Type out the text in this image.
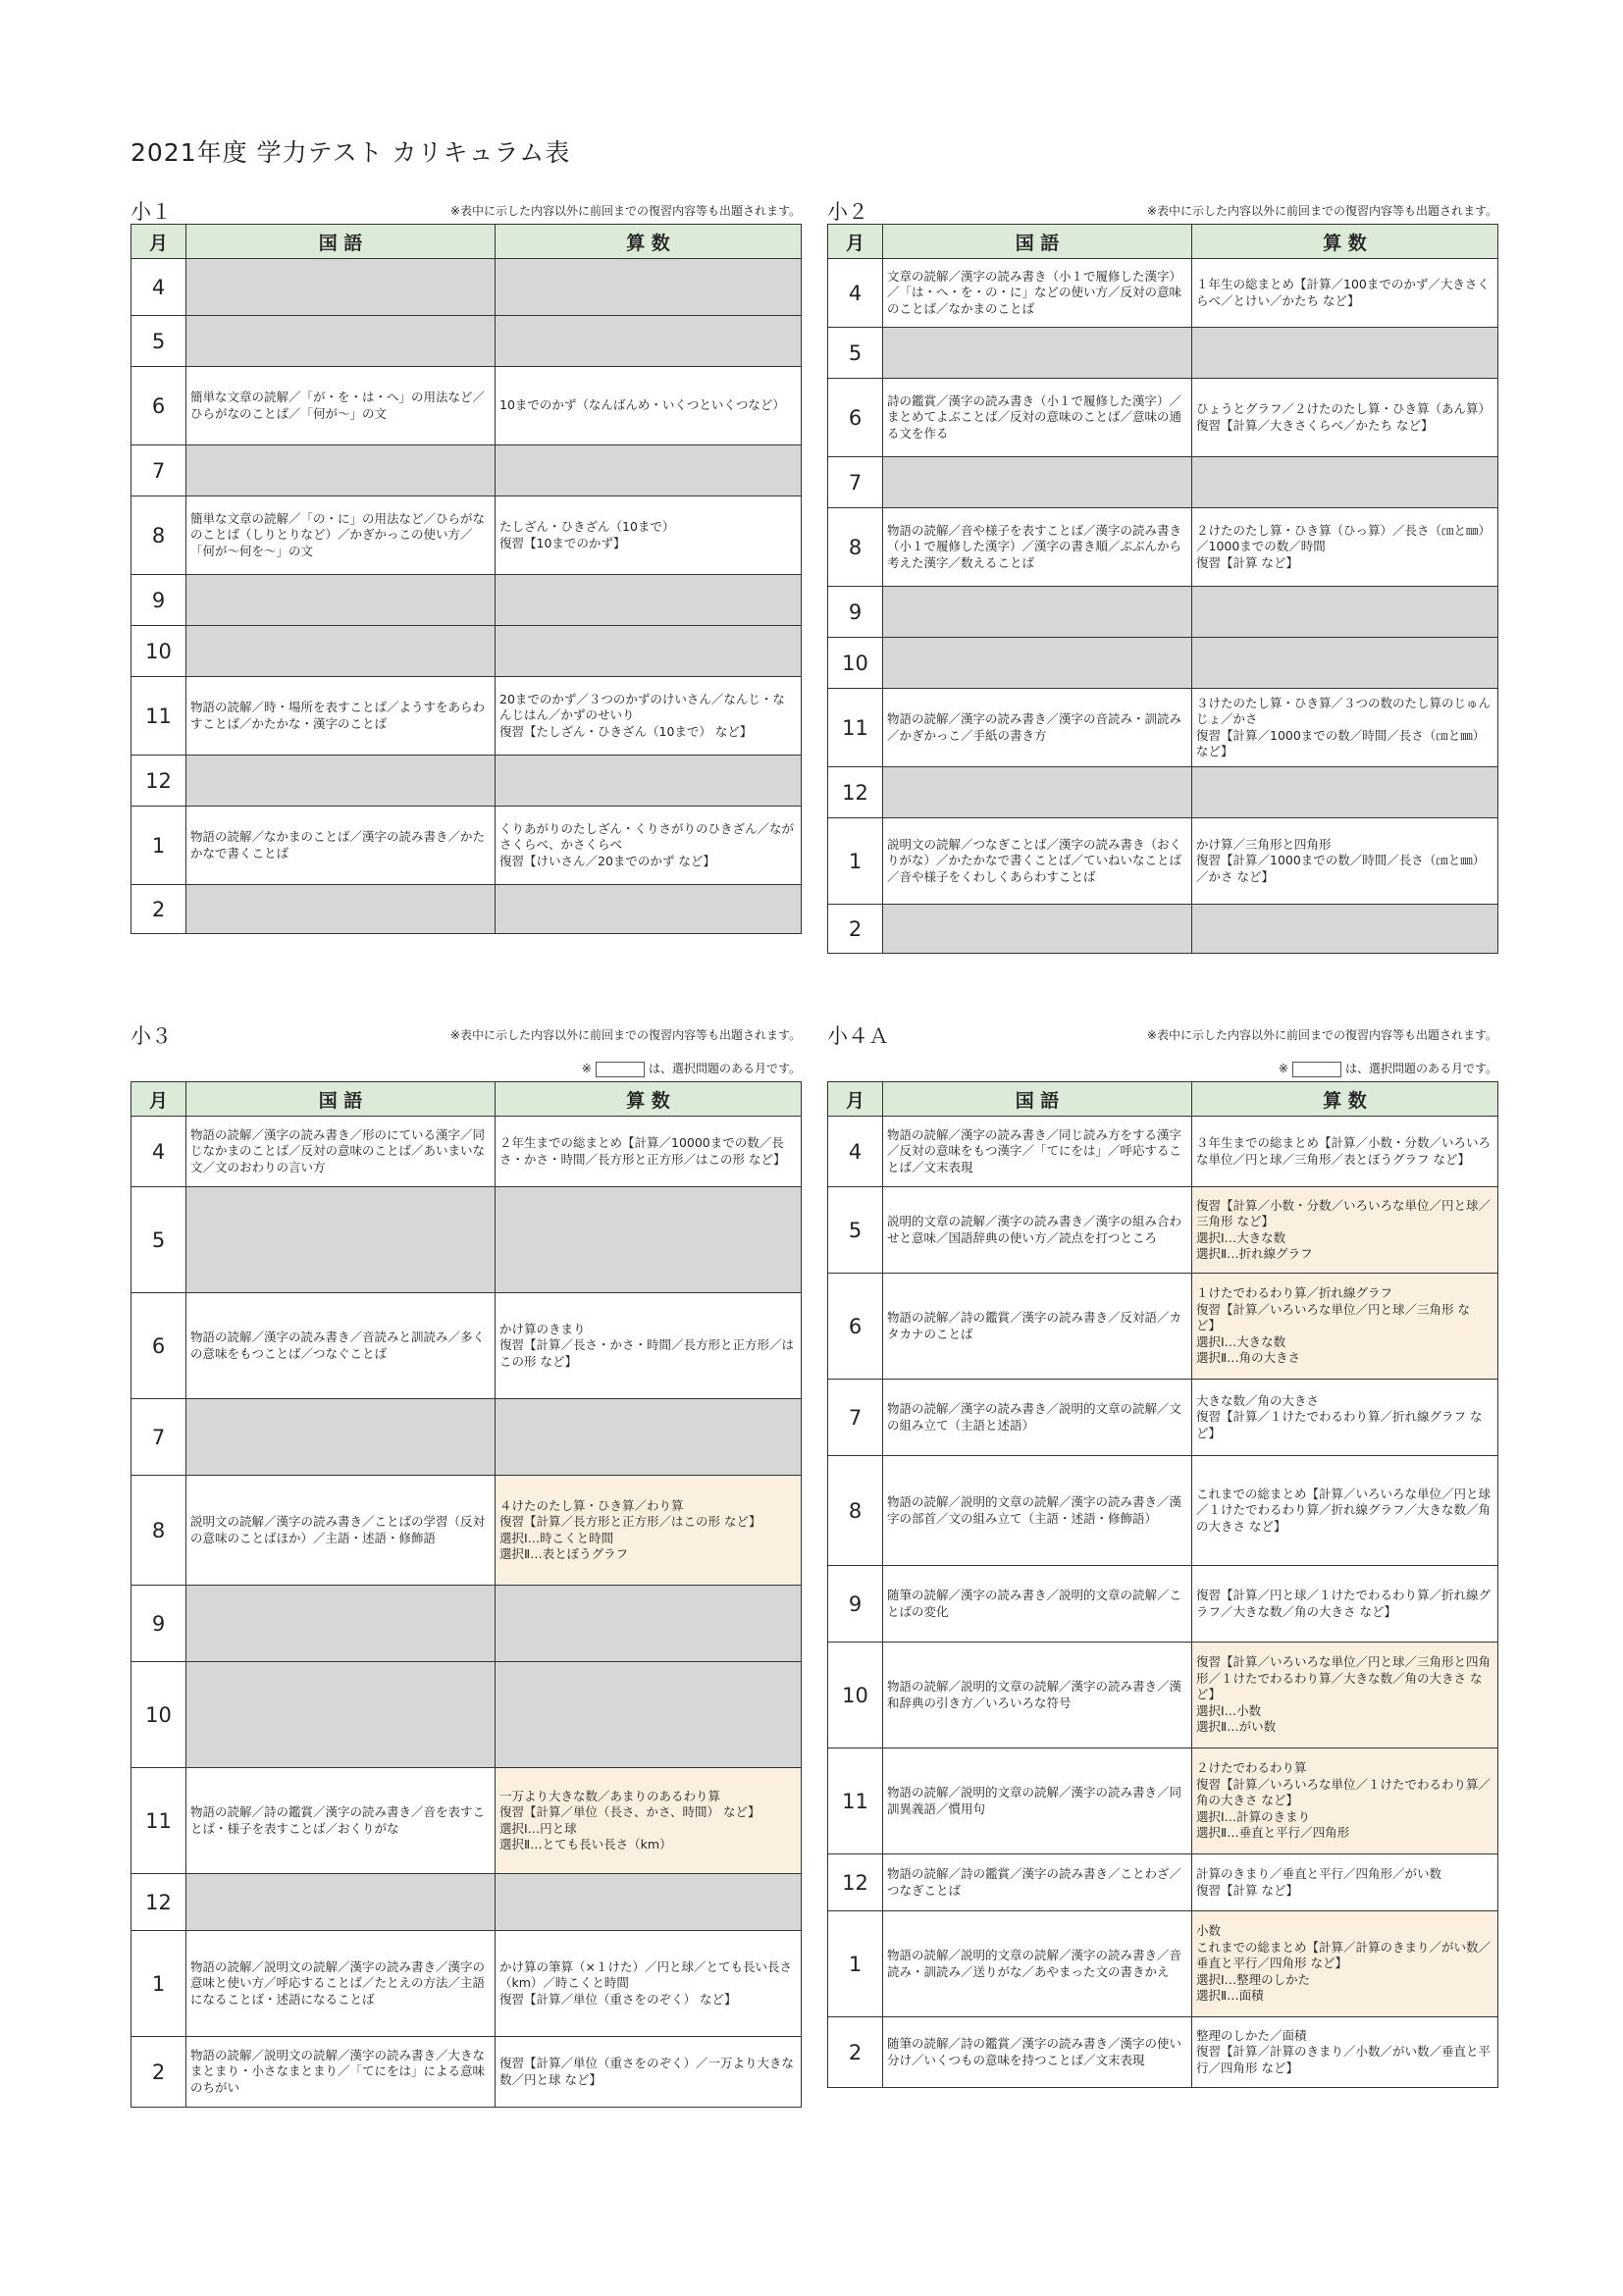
2021年度 学力テスト カリキュラム表
小１	※表中に示した内容以外に前回までの復習内容等も出題されます。
月	国 語	算 数
4		
5		
6	簡単な文章の読解／「が・を・は・へ」の用法など／ひらがなのことば／「何が～」の文	10までのかず（なんばんめ・いくつといくつなど）
7		
8	簡単な文章の読解／「の・に」の用法など／ひらがなのことば（しりとりなど）／かぎかっこの使い方／「何が～何を～」の文	たしざん・ひきざん（10まで）
復習【10までのかず】
9		
10		
11	物語の読解／時・場所を表すことば／ようすをあらわすことば／かたかな・漢字のことば	20までのかず／３つのかずのけいさん／なんじ・なんじはん／かずのせいり
復習【たしざん・ひきざん（10まで） など】
12		
1	物語の読解／なかまのことば／漢字の読み書き／かたかなで書くことば	くりあがりのたしざん・くりさがりのひきざん／ながさくらべ、かさくらべ
復習【けいさん／20までのかず など】
2		
小２	※表中に示した内容以外に前回までの復習内容等も出題されます。
月	国 語	算 数
4	文章の読解／漢字の読み書き（小１で履修した漢字）／「は・へ・を・の・に」などの使い方／反対の意味のことば／なかまのことば	１年生の総まとめ【計算／100までのかず／大きさくらべ／とけい／かたち など】
5		
6	詩の鑑賞／漢字の読み書き（小１で履修した漢字）／まとめてよぶことば／反対の意味のことば／意味の通る文を作る	ひょうとグラフ／２けたのたし算・ひき算（あん算）
復習【計算／大きさくらべ／かたち など】
7		
8	物語の読解／音や様子を表すことば／漢字の読み書き（小１で履修した漢字）／漢字の書き順／ぶぶんから考えた漢字／数えることば	２けたのたし算・ひき算（ひっ算）／長さ（㎝と㎜）／1000までの数／時間
復習【計算 など】
9		
10		
11	物語の読解／漢字の読み書き／漢字の音読み・訓読み／かぎかっこ／手紙の書き方	３けたのたし算・ひき算／３つの数のたし算のじゅんじょ／かさ
復習【計算／1000までの数／時間／長さ（㎝と㎜） など】
12		
1	説明文の読解／つなぎことば／漢字の読み書き（おくりがな）／かたかなで書くことば／ていねいなことば／音や様子をくわしくあらわすことば	かけ算／三角形と四角形
復習【計算／1000までの数／時間／長さ（㎝と㎜）／かさ など】
2		
小３	※表中に示した内容以外に前回までの復習内容等も出題されます。
※	は、選択問題のある月です。
月	国 語	算 数
4	物語の読解／漢字の読み書き／形のにている漢字／同じなかまのことば／反対の意味のことば／あいまいな文／文のおわりの言い方	２年生までの総まとめ【計算／10000までの数／長さ・かさ・時間／長方形と正方形／はこの形 など】
5		
6	物語の読解／漢字の読み書き／音読みと訓読み／多くの意味をもつことば／つなぐことば	かけ算のきまり
復習【計算／長さ・かさ・時間／長方形と正方形／はこの形 など】
7		
8	説明文の読解／漢字の読み書き／ことばの学習（反対の意味のことばほか）／主語・述語・修飾語	４けたのたし算・ひき算／わり算
復習【計算／長方形と正方形／はこの形 など】
選択Ⅰ…時こくと時間
選択Ⅱ…表とぼうグラフ
9		
10		
11	物語の読解／詩の鑑賞／漢字の読み書き／音を表すことば・様子を表すことば／おくりがな	一万より大きな数／あまりのあるわり算
復習【計算／単位（長さ、かさ、時間） など】
選択Ⅰ…円と球
選択Ⅱ…とても長い長さ（km）
12		
1	物語の読解／説明文の読解／漢字の読み書き／漢字の意味と使い方／呼応することば／たとえの方法／主語になることば・述語になることば	かけ算の筆算（×１けた）／円と球／とても長い長さ（km）／時こくと時間
復習【計算／単位（重さをのぞく） など】
2	物語の読解／説明文の読解／漢字の読み書き／大きなまとまり・小さなまとまり／「てにをは」による意味のちがい	復習【計算／単位（重さをのぞく）／一万より大きな数／円と球 など】
小４Ａ	※表中に示した内容以外に前回までの復習内容等も出題されます。
※	は、選択問題のある月です。
月	国 語	算 数
4	物語の読解／漢字の読み書き／同じ読み方をする漢字／反対の意味をもつ漢字／「てにをは」／呼応することば／文末表現	３年生までの総まとめ【計算／小数・分数／いろいろな単位／円と球／三角形／表とぼうグラフ など】
5	説明的文章の読解／漢字の読み書き／漢字の組み合わせと意味／国語辞典の使い方／読点を打つところ	復習【計算／小数・分数／いろいろな単位／円と球／三角形 など】
選択Ⅰ…大きな数
選択Ⅱ…折れ線グラフ
6	物語の読解／詩の鑑賞／漢字の読み書き／反対語／カタカナのことば	１けたでわるわり算／折れ線グラフ
復習【計算／いろいろな単位／円と球／三角形 など】
選択Ⅰ…大きな数
選択Ⅱ…角の大きさ
7	物語の読解／漢字の読み書き／説明的文章の読解／文の組み立て（主語と述語）	大きな数／角の大きさ
復習【計算／１けたでわるわり算／折れ線グラフ など】
8	物語の読解／説明的文章の読解／漢字の読み書き／漢字の部首／文の組み立て（主語・述語・修飾語）	これまでの総まとめ【計算／いろいろな単位／円と球／１けたでわるわり算／折れ線グラフ／大きな数／角の大きさ など】
9	随筆の読解／漢字の読み書き／説明的文章の読解／ことばの変化	復習【計算／円と球／１けたでわるわり算／折れ線グラフ／大きな数／角の大きさ など】
10	物語の読解／説明的文章の読解／漢字の読み書き／漢和辞典の引き方／いろいろな符号	復習【計算／いろいろな単位／円と球／三角形と四角形／１けたでわるわり算／大きな数／角の大きさ など】
選択Ⅰ…小数
選択Ⅱ…がい数
11	物語の読解／説明的文章の読解／漢字の読み書き／同訓異義語／慣用句	２けたでわるわり算
復習【計算／いろいろな単位／１けたでわるわり算／角の大きさ など】
選択Ⅰ…計算のきまり
選択Ⅱ…垂直と平行／四角形
12	物語の読解／詩の鑑賞／漢字の読み書き／ことわざ／つなぎことば	計算のきまり／垂直と平行／四角形／がい数
復習【計算 など】
1	物語の読解／説明的文章の読解／漢字の読み書き／音読み・訓読み／送りがな／あやまった文の書きかえ	小数
これまでの総まとめ【計算／計算のきまり／がい数／垂直と平行／四角形 など】
選択Ⅰ…整理のしかた
選択Ⅱ…面積
2	随筆の読解／詩の鑑賞／漢字の読み書き／漢字の使い分け／いくつもの意味を持つことば／文末表現	整理のしかた／面積
復習【計算／計算のきまり／小数／がい数／垂直と平行／四角形 など】
